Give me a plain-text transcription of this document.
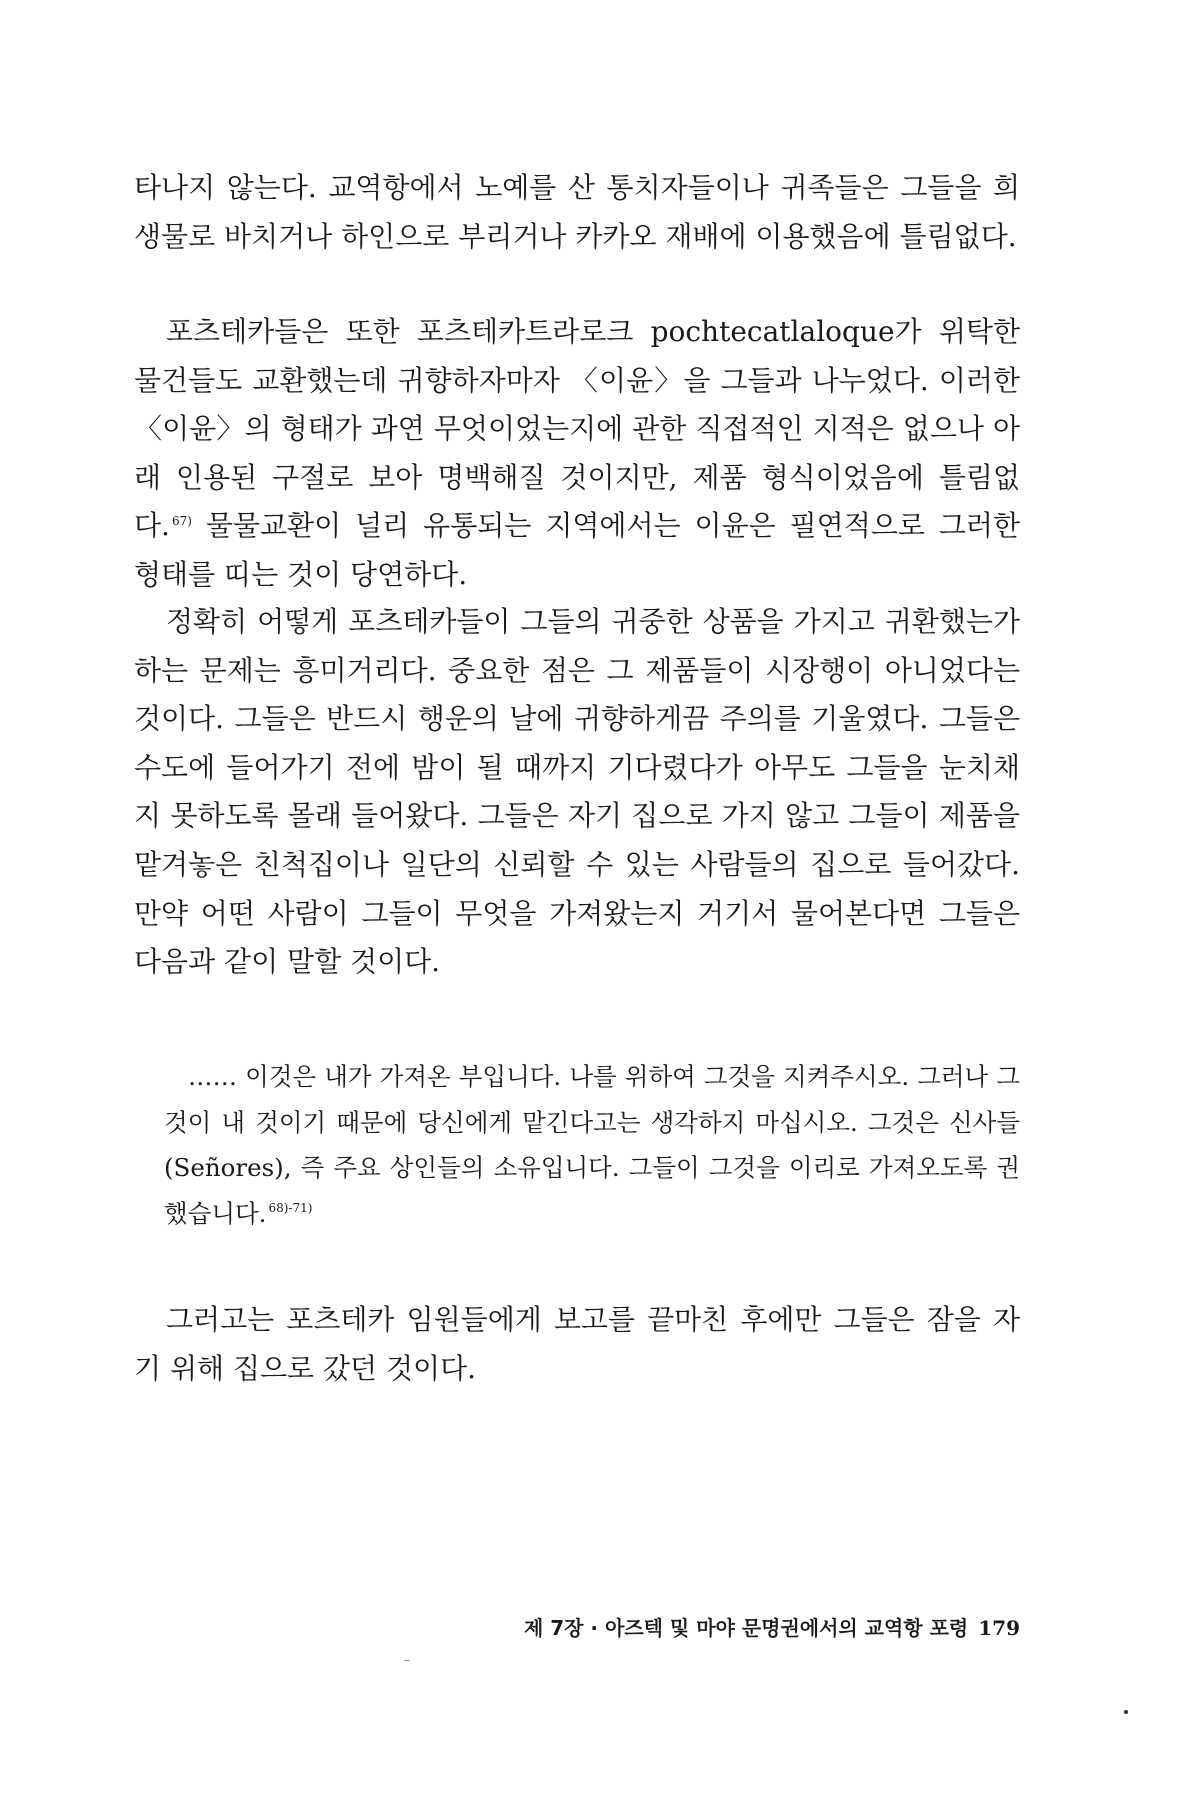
타나지 않는다. 교역항에서 노예를 산 통치자들이나 귀족들은 그들을 희생물로 바치거나 하인으로 부리거나 카카오 재배에 이용했음에 틀림없다.

포츠테카들은 또한 포츠테카트라로크 pochtecatlaloque가 위탁한 물건들도 교환했는데 귀향하자마자 〈이윤〉을 그들과 나누었다. 이러한 〈이윤〉의 형태가 과연 무엇이었는지에 관한 직접적인 지적은 없으나 아래 인용된 구절로 보아 명백해질 것이지만, 제품 형식이었음에 틀림없다. $^{67)}$ 물물교환이 널리 유통되는 지역에서는 이윤은 필연적으로 그러한 형태를 띠는 것이 당연하다.

정확히 어떻게 포츠테카들이 그들의 귀중한 상품을 가지고 귀환했는가 하는 문제는 흥미거리다. 중요한 점은 그 제품들이 시장행이 아니었다는 것이다. 그들은 반드시 행운의 날에 귀향하게끔 주의를 기울였다. 그들은 수도에 들어가기 전에 밤이 될 때까지 기다렸다가 아무도 그들을 눈치채지 못하도록 몰래 들어왔다. 그들은 자기 집으로 가지 않고 그들이 제품을 맡겨놓은 친척집이나 일단의 신뢰할 수 있는 사람들의 집으로 들어갔다. 만약 어떤 사람이 그들이 무엇을 가져왔는지 거기서 물어본다면 그들은 다음과 같이 말할 것이다.

…… 이것은 내가 가져온 부입니다. 나를 위하여 그것을 지켜주시오. 그러나 그것이 내 것이기 때문에 당신에게 맡긴다고는 생각하지 마십시오. 그것은 신사들(Señores), 즉 주요 상인들의 소유입니다. 그들이 그것을 이리로 가져오도록 권했습니다. $^{68)-71)}$

그러고는 포츠테카 임원들에게 보고를 끝마친 후에만 그들은 잠을 자기 위해 집으로 갔던 것이다.

제 7장 · 아즈텍 및 마야 문명권에서의 교역항 포령 179
